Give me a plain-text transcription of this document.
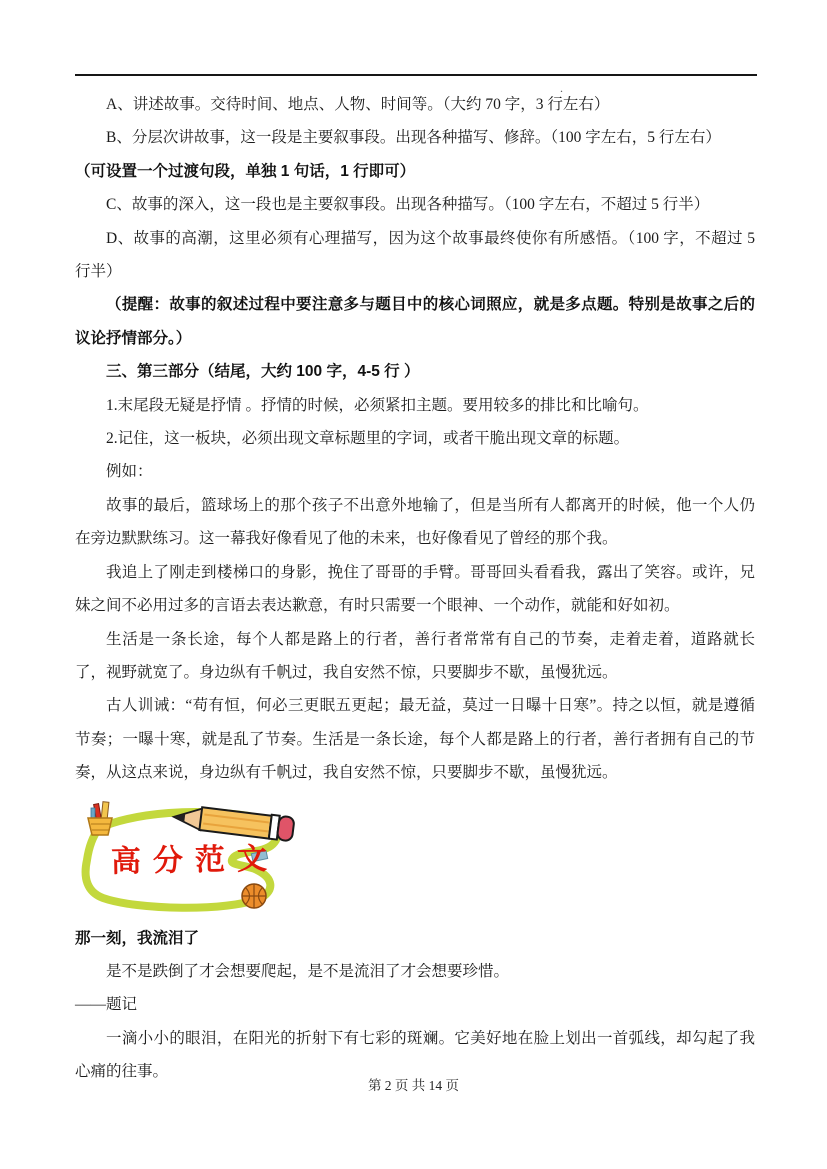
.

A、讲述故事。交待时间、地点、人物、时间等。（大约 70 字，3 行左右）

B、分层次讲故事，这一段是主要叙事段。出现各种描写、修辞。（100 字左右，5 行左右）

（可设置一个过渡句段，单独 1 句话，1 行即可）

C、故事的深入，这一段也是主要叙事段。出现各种描写。（100 字左右，不超过 5 行半）

D、故事的高潮，这里必须有心理描写，因为这个故事最终使你有所感悟。（100 字，不超过 5 行半）

（提醒：故事的叙述过程中要注意多与题目中的核心词照应，就是多点题。特别是故事之后的议论抒情部分。）

三、第三部分（结尾，大约 100 字，4-5 行 ）

1.末尾段无疑是抒情 。抒情的时候，必须紧扣主题。要用较多的排比和比喻句。

2.记住，这一板块，必须出现文章标题里的字词，或者干脆出现文章的标题。

例如：

故事的最后，篮球场上的那个孩子不出意外地输了，但是当所有人都离开的时候，他一个人仍在旁边默默练习。这一幕我好像看见了他的未来，也好像看见了曾经的那个我。

我追上了刚走到楼梯口的身影，挽住了哥哥的手臂。哥哥回头看看我，露出了笑容。或许，兄妹之间不必用过多的言语去表达歉意，有时只需要一个眼神、一个动作，就能和好如初。

生活是一条长途，每个人都是路上的行者，善行者常常有自己的节奏，走着走着，道路就长了，视野就宽了。身边纵有千帆过，我自安然不惊，只要脚步不歇，虽慢犹远。

古人训诫：“苟有恒，何必三更眠五更起；最无益，莫过一日曝十日寒”。持之以恒，就是遵循节奏；一曝十寒，就是乱了节奏。生活是一条长途，每个人都是路上的行者，善行者拥有自己的节奏，从这点来说，身边纵有千帆过，我自安然不惊，只要脚步不歇，虽慢犹远。

高分范文

那一刻，我流泪了

是不是跌倒了才会想要爬起，是不是流泪了才会想要珍惜。

——题记

一滴小小的眼泪，在阳光的折射下有七彩的斑斓。它美好地在脸上划出一首弧线，却勾起了我心痛的往事。

第 2 页 共 14 页
